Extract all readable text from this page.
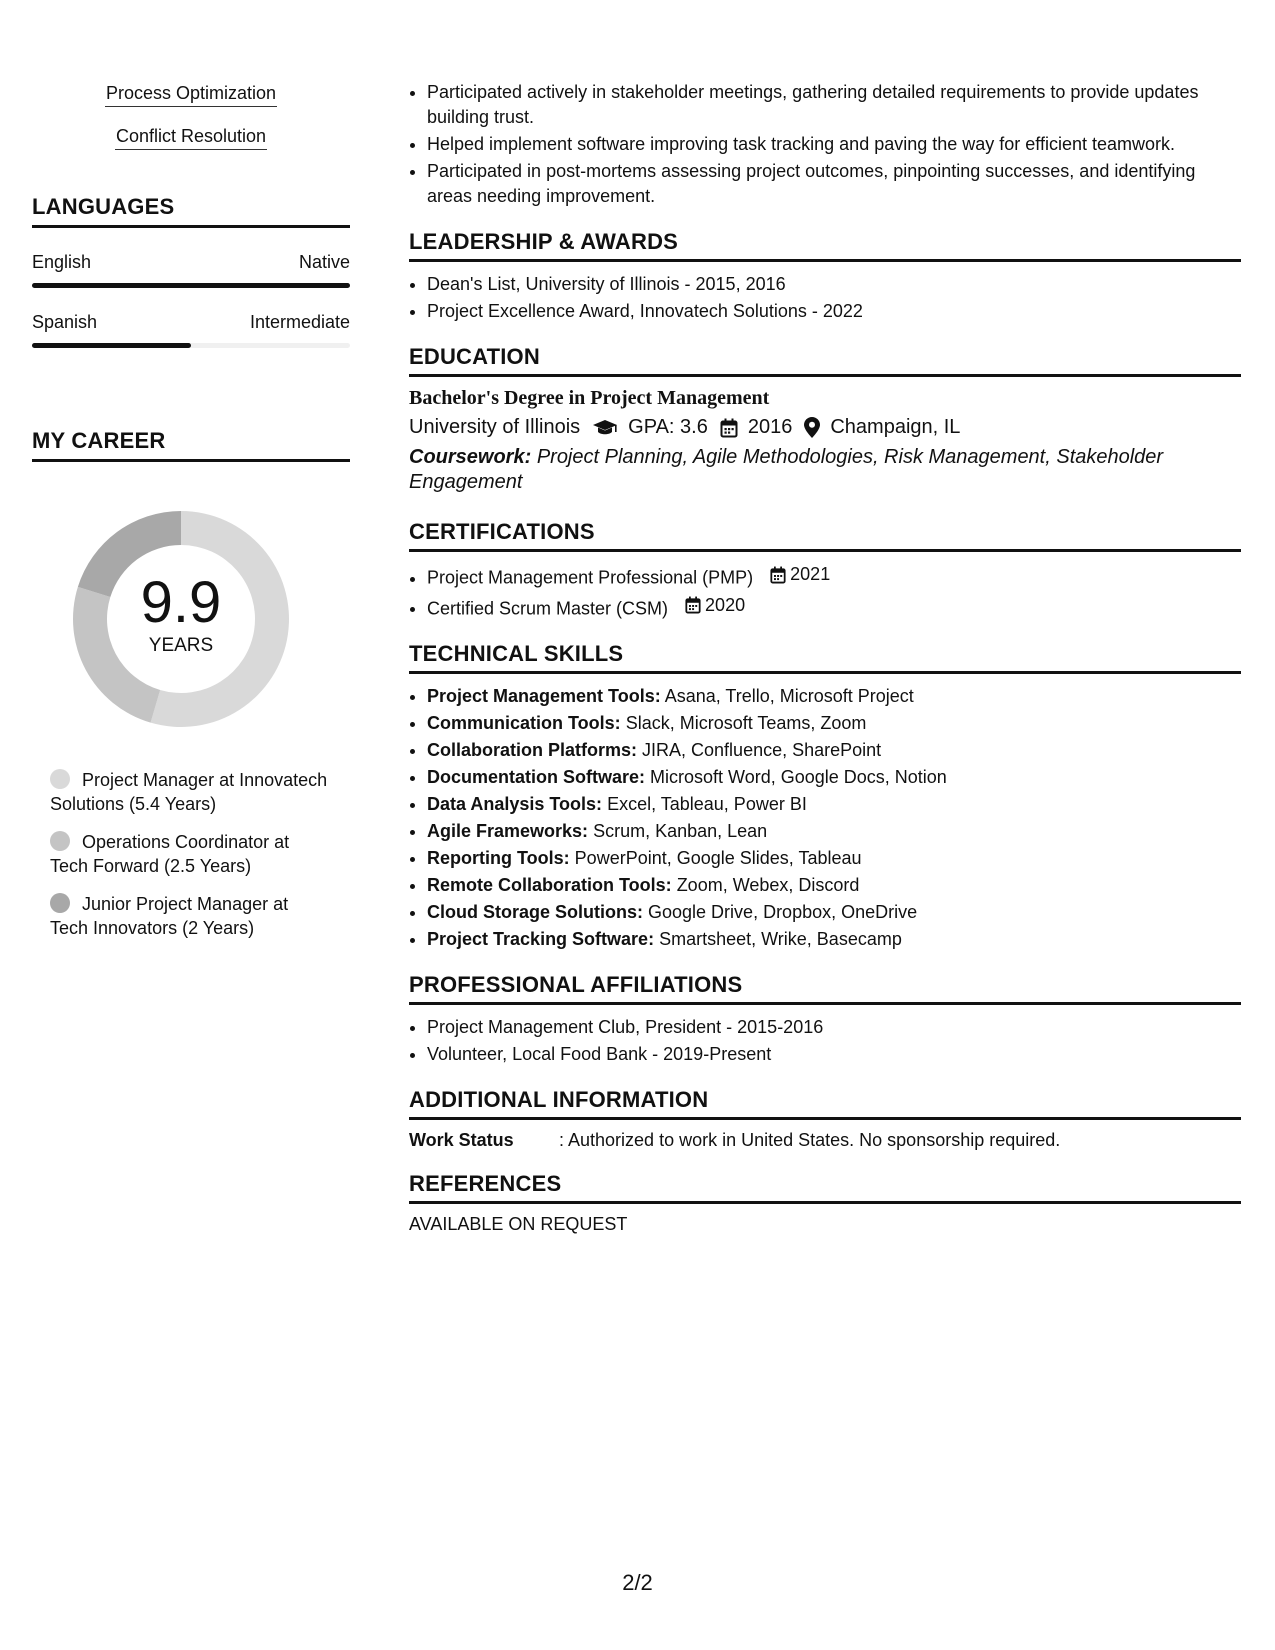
Process Optimization
Conflict Resolution
LANGUAGES
English	Native
Spanish	Intermediate
MY CAREER
9.9
YEARS
Project Manager at Innovatech Solutions (5.4 Years)
Operations Coordinator at Tech Forward (2.5 Years)
Junior Project Manager at Tech Innovators (2 Years)
• Participated actively in stakeholder meetings, gathering detailed requirements to provide updates building trust.
• Helped implement software improving task tracking and paving the way for efficient teamwork.
• Participated in post-mortems assessing project outcomes, pinpointing successes, and identifying areas needing improvement.
LEADERSHIP & AWARDS
• Dean's List, University of Illinois - 2015, 2016
• Project Excellence Award, Innovatech Solutions - 2022
EDUCATION
Bachelor's Degree in Project Management
University of Illinois GPA: 3.6 2016 Champaign, IL
Coursework: Project Planning, Agile Methodologies, Risk Management, Stakeholder Engagement
CERTIFICATIONS
• Project Management Professional (PMP) 2021
• Certified Scrum Master (CSM) 2020
TECHNICAL SKILLS
• Project Management Tools: Asana, Trello, Microsoft Project
• Communication Tools: Slack, Microsoft Teams, Zoom
• Collaboration Platforms: JIRA, Confluence, SharePoint
• Documentation Software: Microsoft Word, Google Docs, Notion
• Data Analysis Tools: Excel, Tableau, Power BI
• Agile Frameworks: Scrum, Kanban, Lean
• Reporting Tools: PowerPoint, Google Slides, Tableau
• Remote Collaboration Tools: Zoom, Webex, Discord
• Cloud Storage Solutions: Google Drive, Dropbox, OneDrive
• Project Tracking Software: Smartsheet, Wrike, Basecamp
PROFESSIONAL AFFILIATIONS
• Project Management Club, President - 2015-2016
• Volunteer, Local Food Bank - 2019-Present
ADDITIONAL INFORMATION
Work Status	: Authorized to work in United States. No sponsorship required.
REFERENCES
AVAILABLE ON REQUEST
2/2
